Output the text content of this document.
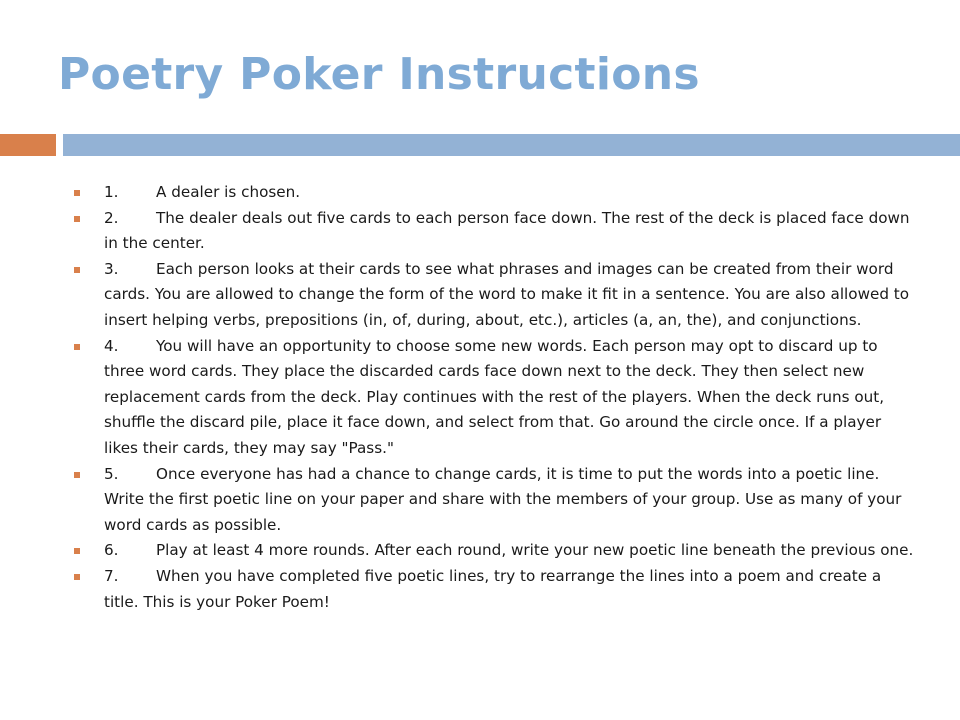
Poetry Poker Instructions
1. A dealer is chosen.
2. The dealer deals out five cards to each person face down. The rest of the deck is placed face down in the center.
3. Each person looks at their cards to see what phrases and images can be created from their word cards. You are allowed to change the form of the word to make it fit in a sentence. You are also allowed to insert helping verbs, prepositions (in, of, during, about, etc.), articles (a, an, the), and conjunctions.
4. You will have an opportunity to choose some new words. Each person may opt to discard up to three word cards. They place the discarded cards face down next to the deck. They then select new replacement cards from the deck. Play continues with the rest of the players. When the deck runs out, shuffle the discard pile, place it face down, and select from that. Go around the circle once. If a player likes their cards, they may say "Pass."
5. Once everyone has had a chance to change cards, it is time to put the words into a poetic line. Write the first poetic line on your paper and share with the members of your group. Use as many of your word cards as possible.
6. Play at least 4 more rounds. After each round, write your new poetic line beneath the previous one.
7. When you have completed five poetic lines, try to rearrange the lines into a poem and create a title. This is your Poker Poem!
